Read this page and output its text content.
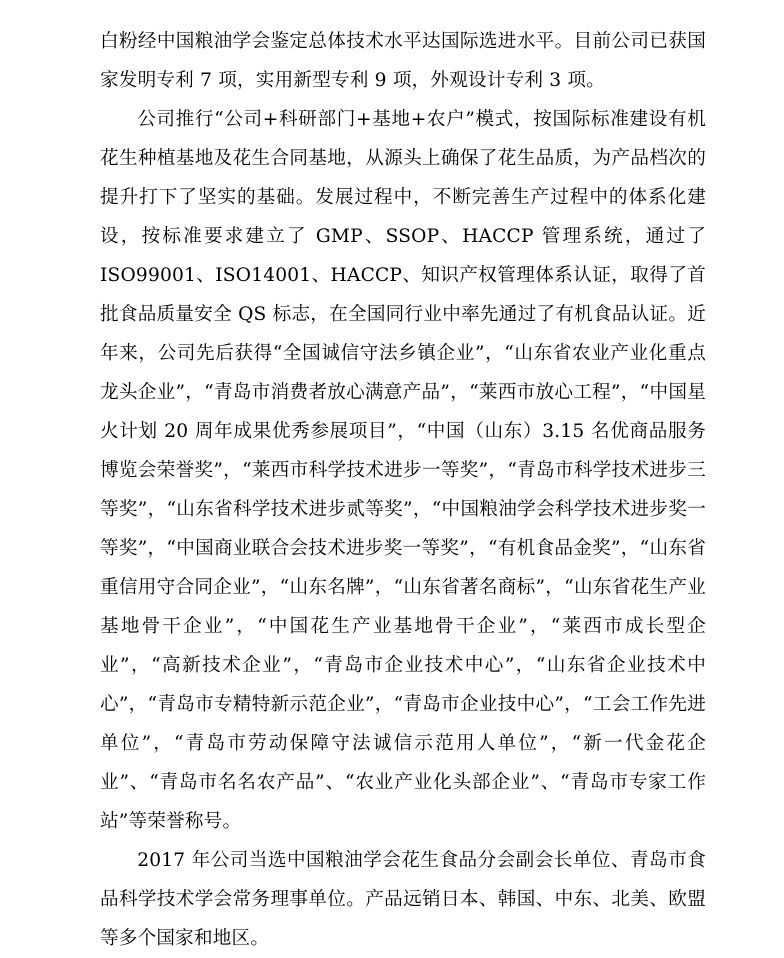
白粉经中国粮油学会鉴定总体技术水平达国际选进水平。目前公司已获国家发明专利 7 项，实用新型专利 9 项，外观设计专利 3 项。

公司推行“公司+科研部门+基地+农户”模式，按国际标准建设有机花生种植基地及花生合同基地，从源头上确保了花生品质，为产品档次的提升打下了坚实的基础。发展过程中，不断完善生产过程中的体系化建设，按标准要求建立了 GMP、SSOP、HACCP 管理系统，通过了 ISO99001、ISO14001、HACCP、知识产权管理体系认证，取得了首批食品质量安全 QS 标志，在全国同行业中率先通过了有机食品认证。近年来，公司先后获得“全国诚信守法乡镇企业”，“山东省农业产业化重点龙头企业”，“青岛市消费者放心满意产品”，“莱西市放心工程”，“中国星火计划 20 周年成果优秀参展项目”，“中国（山东）3.15 名优商品服务博览会荣誉奖”，“莱西市科学技术进步一等奖”，“青岛市科学技术进步三等奖”，“山东省科学技术进步贰等奖”，“中国粮油学会科学技术进步奖一等奖”，“中国商业联合会技术进步奖一等奖”，“有机食品金奖”，“山东省重信用守合同企业”，“山东名牌”，“山东省著名商标”，“山东省花生产业基地骨干企业”，“中国花生产业基地骨干企业”，“莱西市成长型企业”，“高新技术企业”，“青岛市企业技术中心”，“山东省企业技术中心”，“青岛市专精特新示范企业”，“青岛市企业技中心”，“工会工作先进单位”，“青岛市劳动保障守法诚信示范用人单位”，“新一代金花企业”、“青岛市名名农产品”、“农业产业化头部企业”、“青岛市专家工作站”等荣誉称号。

2017 年公司当选中国粮油学会花生食品分会副会长单位、青岛市食品科学技术学会常务理事单位。产品远销日本、韩国、中东、北美、欧盟等多个国家和地区。
